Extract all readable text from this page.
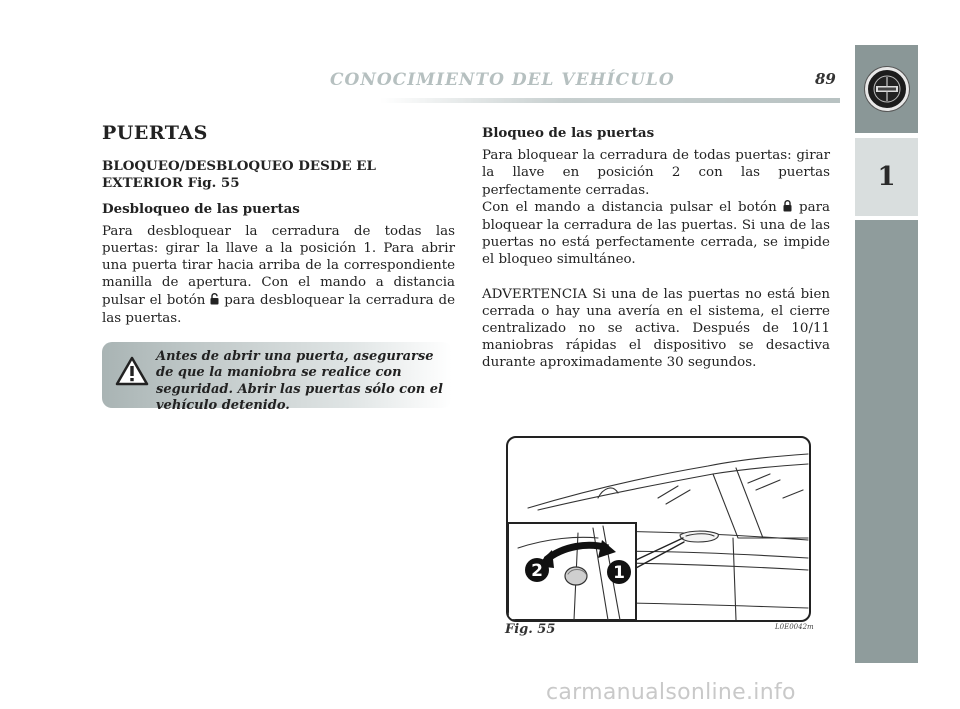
1
CONOCIMIENTO DEL VEHÍCULO	89

PUERTAS

BLOQUEO/DESBLOQUEO DESDE EL EXTERIOR Fig. 55

Desbloqueo de las puertas

Para desbloquear la cerradura de todas las puertas: girar la llave a la posición 1. Para abrir una puerta tirar hacia arriba de la correspondiente manilla de apertura. Con el mando a distancia pulsar el botón para desbloquear la cerradura de las puertas.

Antes de abrir una puerta, asegurarse de que la maniobra se realice con seguridad. Abrir las puertas sólo con el vehículo detenido.

Bloqueo de las puertas

Para bloquear la cerradura de todas puertas: girar la llave en posición 2 con las puertas perfectamente cerradas.

Con el mando a distancia pulsar el botón para bloquear la cerradura de las puertas. Si una de las puertas no está perfectamente cerrada, se impide el bloqueo simultáneo.

ADVERTENCIA Si una de las puertas no está bien cerrada o hay una avería en el sistema, el cierre centralizado no se activa. Después de 10/11 maniobras rápidas el dispositivo se desactiva durante aproximadamente 30 segundos.

2	1
Fig. 55	L0E0042m
carmanualsonline.info
